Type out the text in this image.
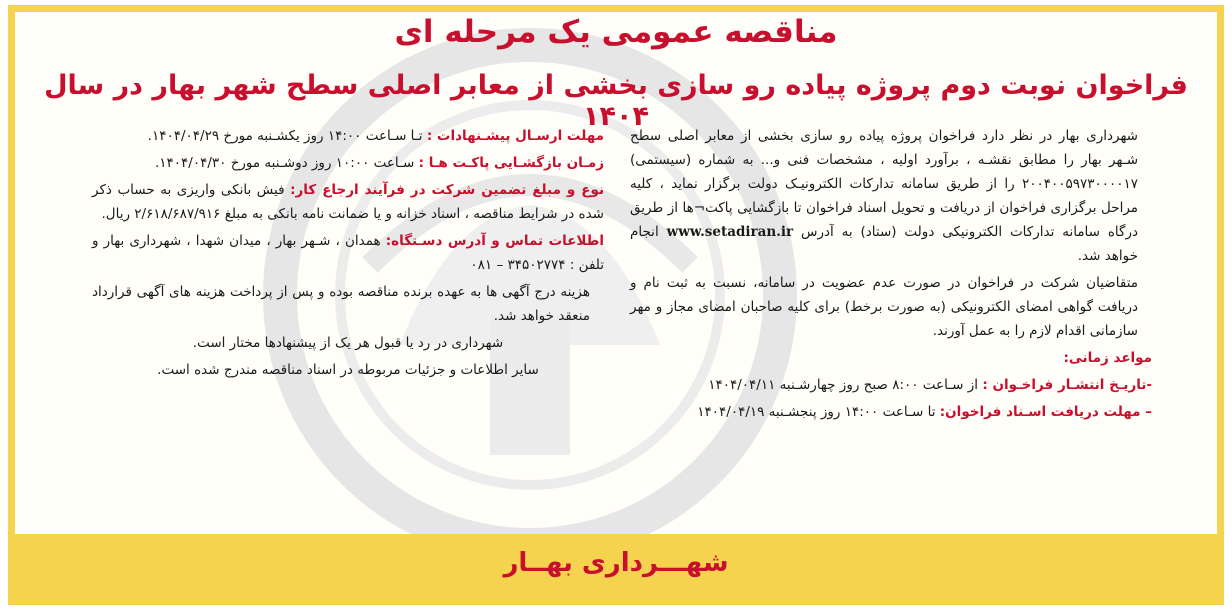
مناقصه عمومی یک مرحله ای
فراخوان نوبت دوم پروژه پیاده رو سازی بخشی از معابر اصلی سطح شهر بهار در سال ۱۴۰۴

شهرداری بهار در نظر دارد فراخوان پروژه پیاده رو سازی بخشی از معابر اصلی سطح شـهر بهار را مطابق نقشـه ، برآورد اولیه ، مشخصات فنی و... به شماره (سیستمی) ۲۰۰۴۰۰۵۹۷۳۰۰۰۰۱۷ را از طریق سامانه تدارکات الکترونیـک دولت برگزار نماید ، کلیه مراحل برگزاری فراخوان از دریافت و تحویل اسناد فراخوان تا بازگشایی پاکت¬ها از طریق درگاه سامانه تدارکات الکترونیکی دولت (ستاد) به آدرس www.setadiran.ir انجام خواهد شد.

متقاضیان شرکت در فراخوان در صورت عدم عضویت در سامانه، نسبت به ثبت نام و دریافت گواهی امضای الکترونیکی (به صورت برخط) برای کلیه صاحبان امضای مجاز و مهر سازمانی اقدام لازم را به عمل آورند.

مواعد زمانی:

-تاریـخ انتشـار فراخـوان : از سـاعت ۸:۰۰ صبح روز چهارشـنبه ۱۴۰۴/۰۴/۱۱

– مهلت دریافت اسـناد فراخوان: تا سـاعت ۱۴:۰۰ روز پنجشـنبه ۱۴۰۴/۰۴/۱۹

مهلت ارسـال پیشـنهادات : تـا سـاعت ۱۴:۰۰ روز یکشـنبه مورخ ۱۴۰۴/۰۴/۲۹.

زمـان بازگشـایی پاکـت هـا : سـاعت ۱۰:۰۰ روز دوشـنبه مورخ ۱۴۰۴/۰۴/۳۰.

نوع و مبلغ تضمین شرکت در فرآیند ارجاع کار: فیش بانکی واریزی به حساب ذکر شده در شرایط مناقصه ، اسناد خزانه و یا ضمانت نامه بانکی به مبلغ ۲/۶۱۸/۶۸۷/۹۱۶ ریال.

اطلاعات تماس و آدرس دسـتگاه: همدان ، شـهر بهار ، میدان شهدا ، شهرداری بهار و تلفن : ۳۴۵۰۲۷۷۴ – ۰۸۱

هزینه درج آگهی ها به عهده برنده مناقصه بوده و پس از پرداخت هزینه های آگهی قرارداد منعقد خواهد شد.

شهرداری در رد یا قبول هر یک از پیشنهادها مختار است.

سایر اطلاعات و جزئیات مربوطه در اسناد مناقصه مندرج شده است.

شهـــرداری بهــار
